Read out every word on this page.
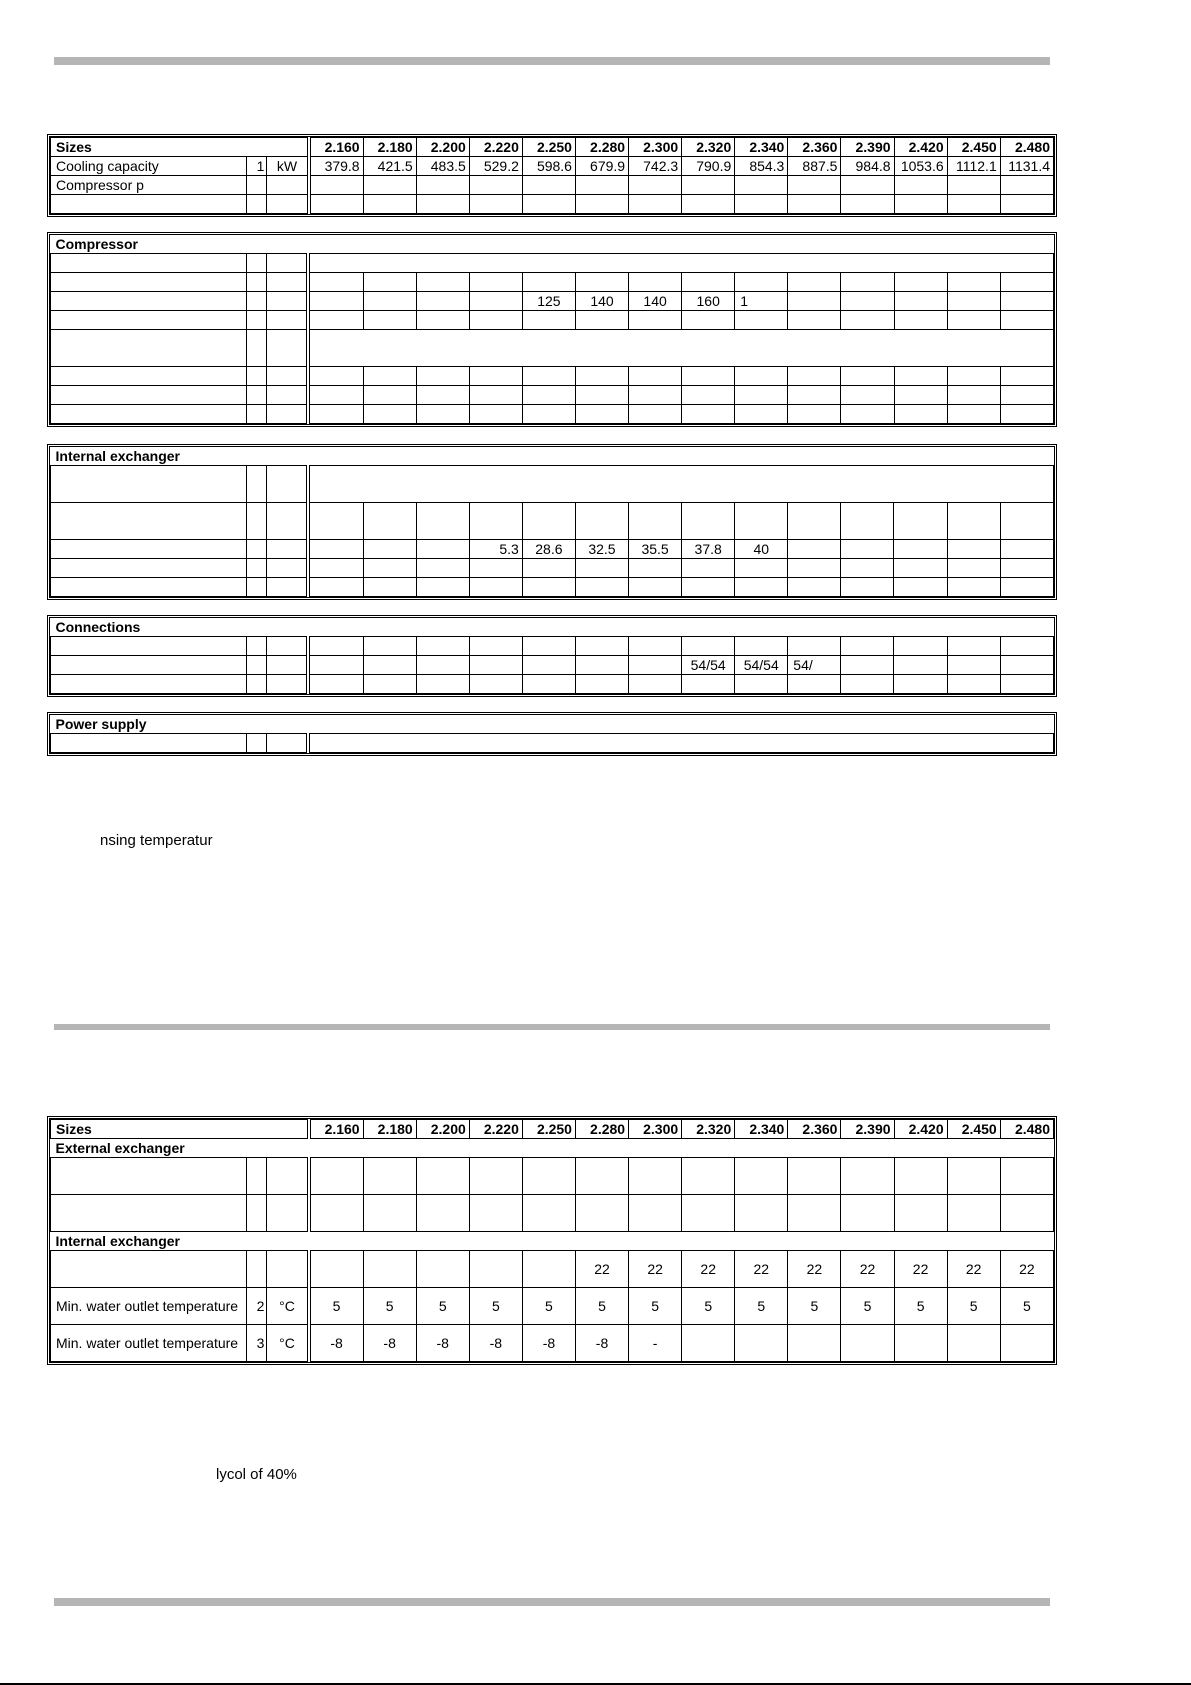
Sizes				2.160	2.180	2.200	2.220	2.250	2.280	2.300	2.320	2.340	2.360	2.390	2.420	2.450	2.480
Cooling capacity	1	kW		379.8	421.5	483.5	529.2	598.6	679.9	742.3	790.9	854.3	887.5	984.8	1053.6	1112.1	1131.4
Compressor p																	

Compressor																	

								125	140	140	160	1					

Internal exchanger																	

							5.3	28.6	32.5	35.5	37.8	40					

Connections																	

											54/54	54/54	54/				

Power supply

nsing temperatur
Sizes				2.160	2.180	2.200	2.220	2.250	2.280	2.300	2.320	2.340	2.360	2.390	2.420	2.450	2.480
External exchanger																	

Internal exchanger																	
									22	22	22	22	22	22	22	22	22
Min. water outlet temperature	2	°C		5	5	5	5	5	5	5	5	5	5	5	5	5	5
Min. water outlet temperature	3	°C		-8	-8	-8	-8	-8	-8	-							
lycol of 40%
